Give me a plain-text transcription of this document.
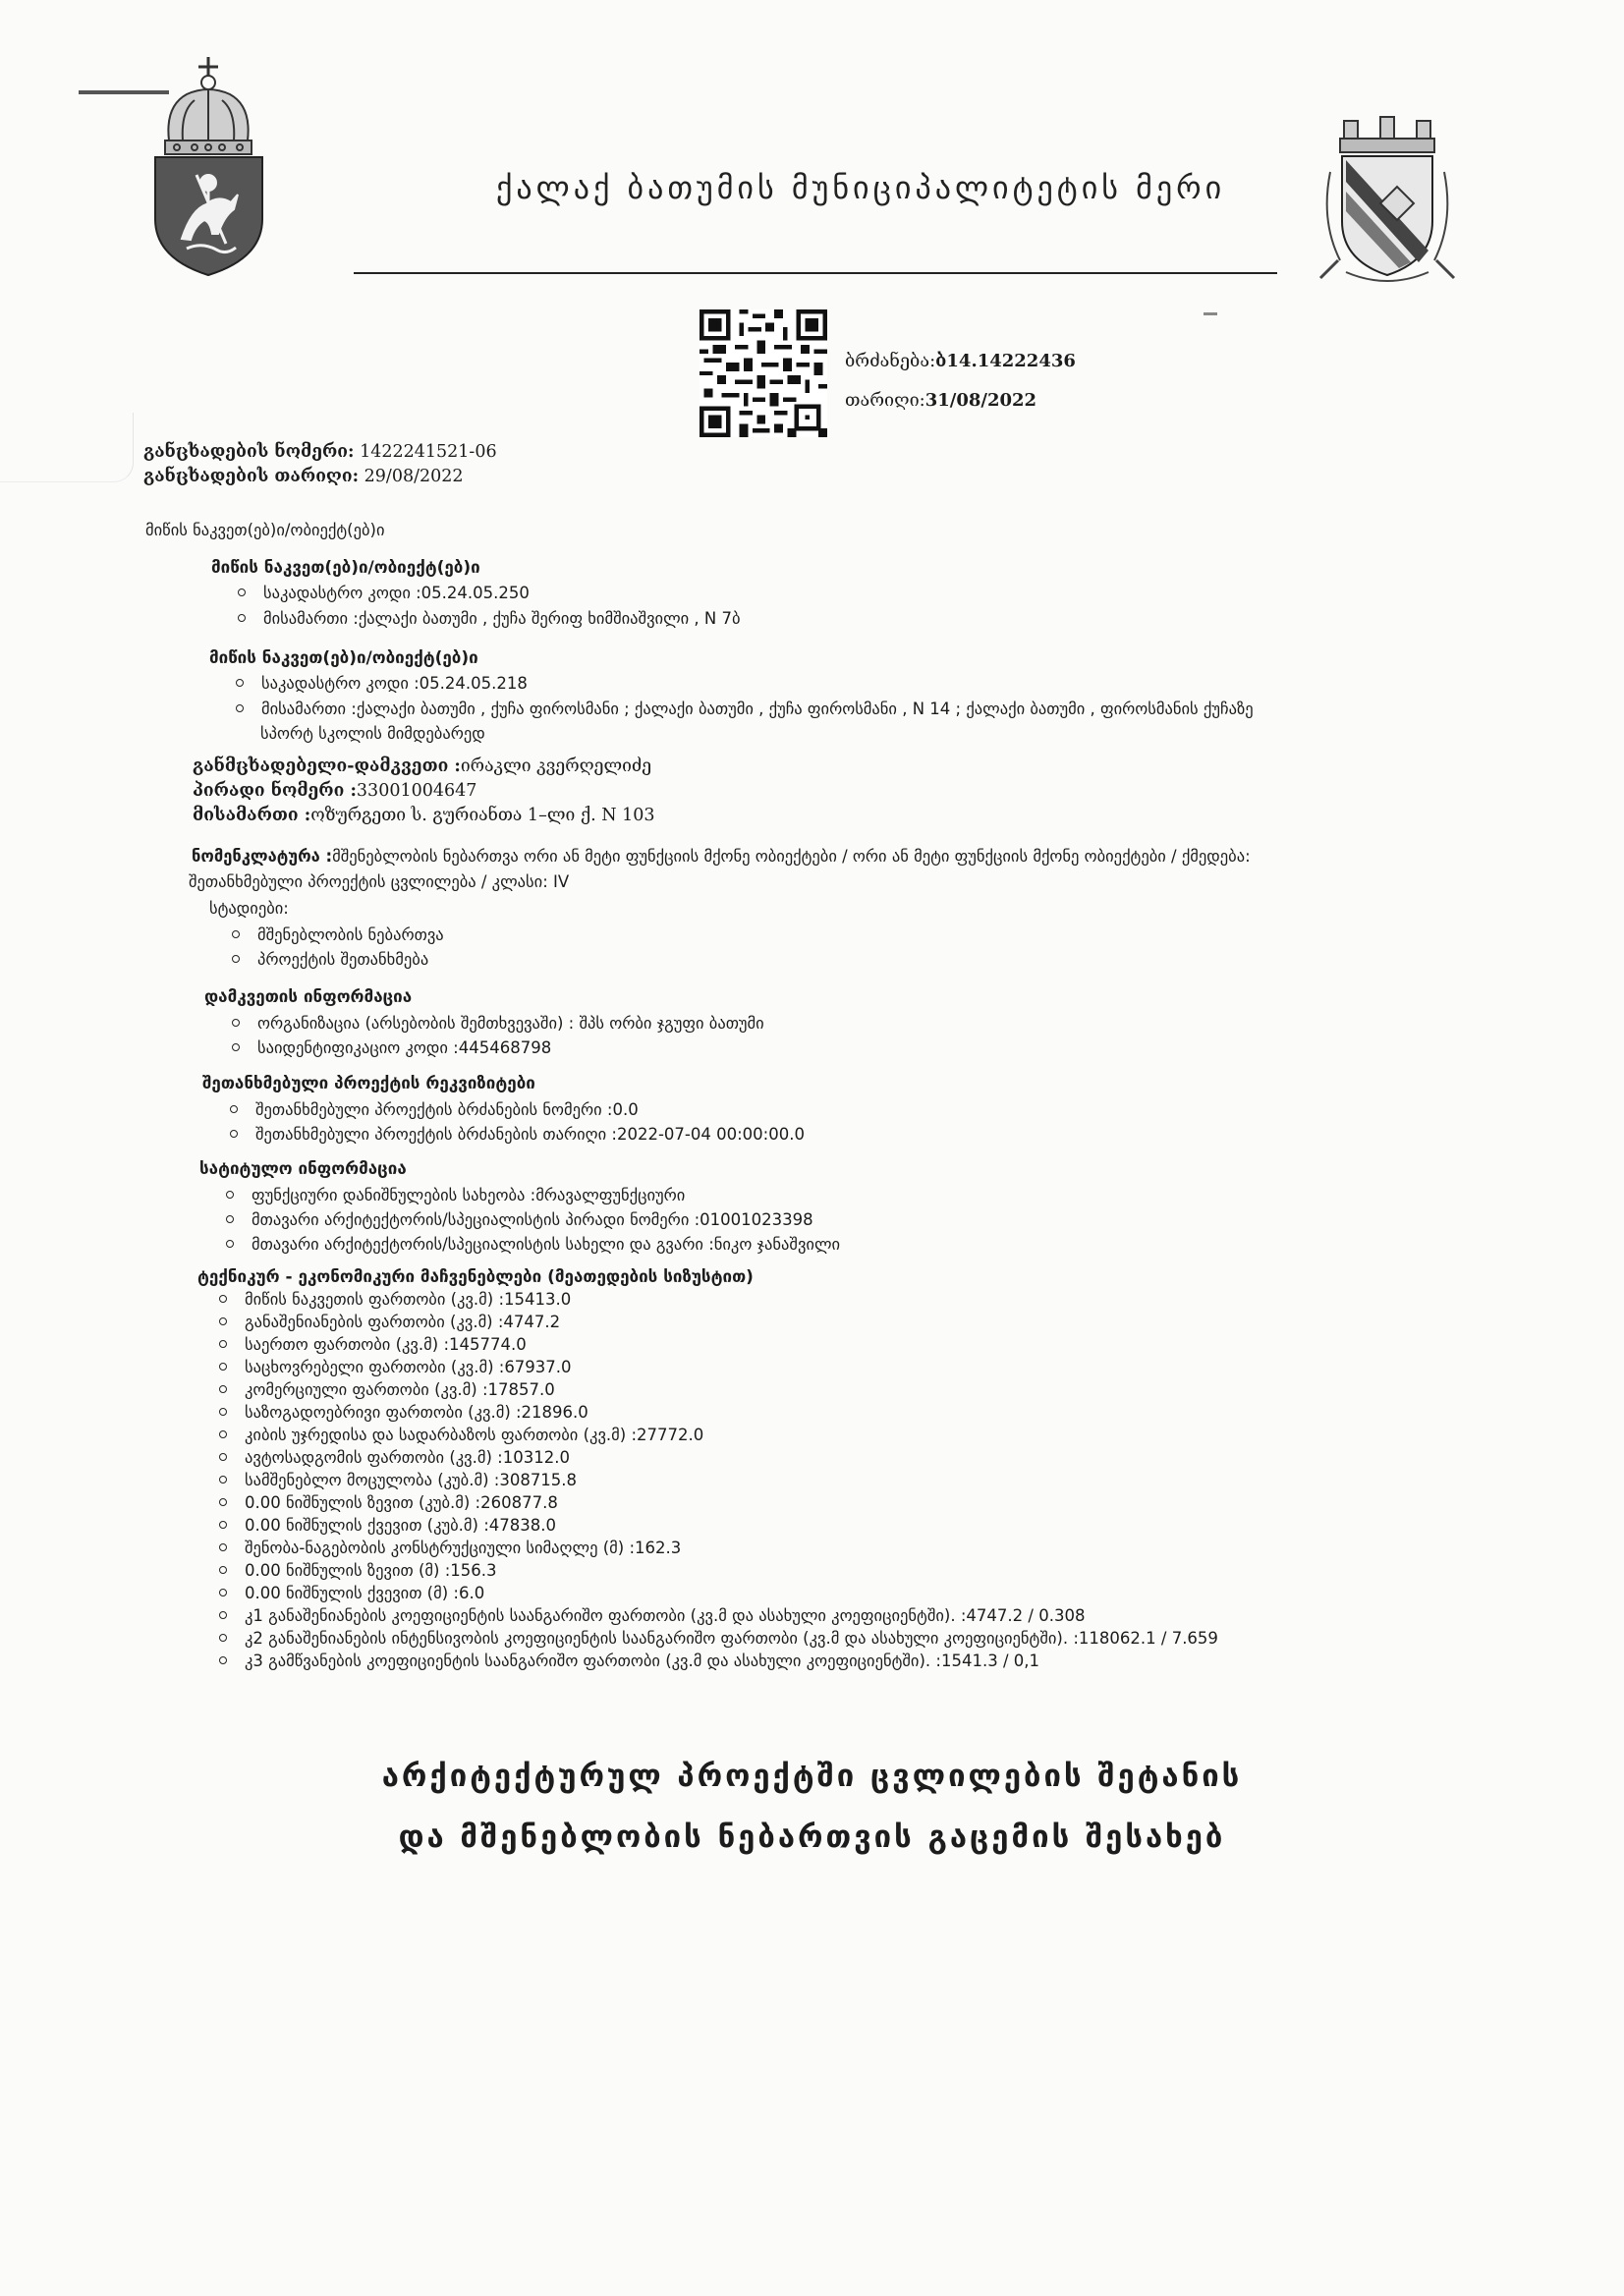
ქალაქ ბათუმის მუნიციპალიტეტის მერი
ბრძანება:ბ14.14222436
თარიღი:31/08/2022
განცხადების ნომერი: 1422241521-06
განცხადების თარიღი: 29/08/2022
მიწის ნაკვეთ(ებ)ი/ობიექტ(ებ)ი
მიწის ნაკვეთ(ებ)ი/ობიექტ(ებ)ი
საკადასტრო კოდი :05.24.05.250
მისამართი :ქალაქი ბათუმი , ქუჩა შერიფ ხიმშიაშვილი , N 7ბ
მიწის ნაკვეთ(ებ)ი/ობიექტ(ებ)ი
საკადასტრო კოდი :05.24.05.218
მისამართი :ქალაქი ბათუმი , ქუჩა ფიროსმანი ; ქალაქი ბათუმი , ქუჩა ფიროსმანი , N 14 ; ქალაქი ბათუმი , ფიროსმანის ქუჩაზე
სპორტ სკოლის მიმდებარედ
განმცხადებელი-დამკვეთი :ირაკლი კვერღელიძე
პირადი ნომერი :33001004647
მისამართი :ოზურგეთი ს. გურიანთა 1–ლი ქ. N 103
ნომენკლატურა :მშენებლობის ნებართვა ორი ან მეტი ფუნქციის მქონე ობიექტები / ორი ან მეტი ფუნქციის მქონე ობიექტები / ქმედება:
შეთანხმებული პროექტის ცვლილება / კლასი: IV
სტადიები:
მშენებლობის ნებართვა
პროექტის შეთანხმება
დამკვეთის ინფორმაცია
ორგანიზაცია (არსებობის შემთხვევაში) : შპს ორბი ჯგუფი ბათუმი
საიდენტიფიკაციო კოდი :445468798
შეთანხმებული პროექტის რეკვიზიტები
შეთანხმებული პროექტის ბრძანების ნომერი :0.0
შეთანხმებული პროექტის ბრძანების თარიღი :2022-07-04 00:00:00.0
სატიტულო ინფორმაცია
ფუნქციური დანიშნულების სახეობა :მრავალფუნქციური
მთავარი არქიტექტორის/სპეციალისტის პირადი ნომერი :01001023398
მთავარი არქიტექტორის/სპეციალისტის სახელი და გვარი :ნიკო ჯანაშვილი
ტექნიკურ - ეკონომიკური მაჩვენებლები (მეათედების სიზუსტით)
მიწის ნაკვეთის ფართობი (კვ.მ) :15413.0
განაშენიანების ფართობი (კვ.მ) :4747.2
საერთო ფართობი (კვ.მ) :145774.0
საცხოვრებელი ფართობი (კვ.მ) :67937.0
კომერციული ფართობი (კვ.მ) :17857.0
საზოგადოებრივი ფართობი (კვ.მ) :21896.0
კიბის უჯრედისა და სადარბაზოს ფართობი (კვ.მ) :27772.0
ავტოსადგომის ფართობი (კვ.მ) :10312.0
სამშენებლო მოცულობა (კუბ.მ) :308715.8
0.00 ნიშნულის ზევით (კუბ.მ) :260877.8
0.00 ნიშნულის ქვევით (კუბ.მ) :47838.0
შენობა-ნაგებობის კონსტრუქციული სიმაღლე (მ) :162.3
0.00 ნიშნულის ზევით (მ) :156.3
0.00 ნიშნულის ქვევით (მ) :6.0
კ1 განაშენიანების კოეფიციენტის საანგარიშო ფართობი (კვ.მ და ასახული კოეფიციენტში). :4747.2 / 0.308
კ2 განაშენიანების ინტენსივობის კოეფიციენტის საანგარიშო ფართობი (კვ.მ და ასახული კოეფიციენტში). :118062.1 / 7.659
კ3 გამწვანების კოეფიციენტის საანგარიშო ფართობი (კვ.მ და ასახული კოეფიციენტში). :1541.3 / 0,1
არქიტექტურულ პროექტში ცვლილების შეტანის
და მშენებლობის ნებართვის გაცემის შესახებ
